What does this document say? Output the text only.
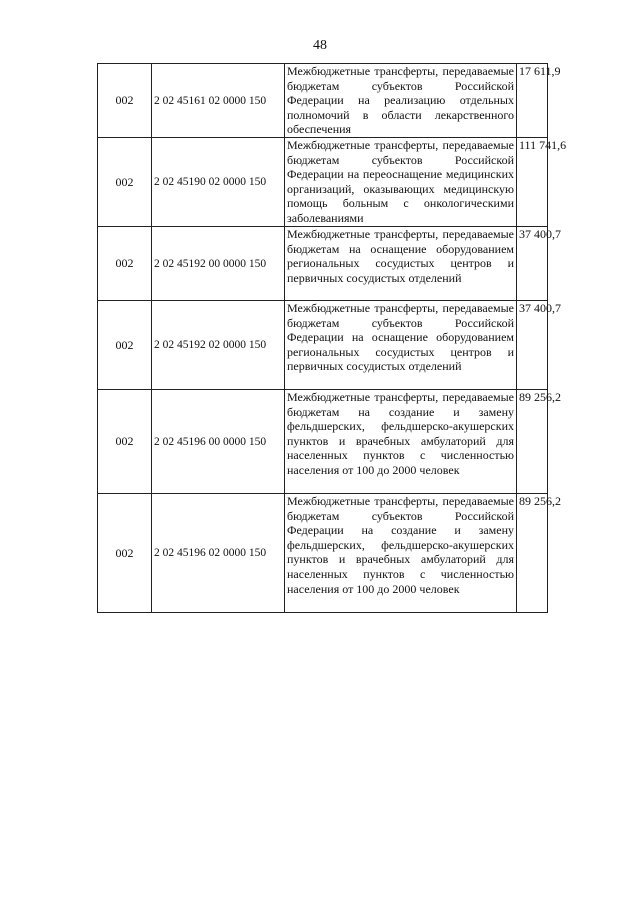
48
002	2 02 45161 02 0000 150	Межбюджетные трансферты, передаваемые бюджетам субъектов Российской Федерации на реализацию отдельных полномочий в области лекарственного обеспечения	17 611,9
002	2 02 45190 02 0000 150	Межбюджетные трансферты, передаваемые бюджетам субъектов Российской Федерации на переоснащение медицинских организаций, оказывающих медицинскую помощь больным с онкологическими заболеваниями	111 741,6
002	2 02 45192 00 0000 150	Межбюджетные трансферты, передаваемые бюджетам на оснащение оборудованием региональных сосудистых центров и первичных сосудистых отделений	37 400,7
002	2 02 45192 02 0000 150	Межбюджетные трансферты, передаваемые бюджетам субъектов Российской Федерации на оснащение оборудованием региональных сосудистых центров и первичных сосудистых отделений	37 400,7
002	2 02 45196 00 0000 150	Межбюджетные трансферты, передаваемые бюджетам на создание и замену фельдшерских, фельдшерско-акушерских пунктов и врачебных амбулаторий для населенных пунктов с численностью населения от 100 до 2000 человек	89 256,2
002	2 02 45196 02 0000 150	Межбюджетные трансферты, передаваемые бюджетам субъектов Российской Федерации на создание и замену фельдшерских, фельдшерско-акушерских пунктов и врачебных амбулаторий для населенных пунктов с численностью населения от 100 до 2000 человек	89 256,2
